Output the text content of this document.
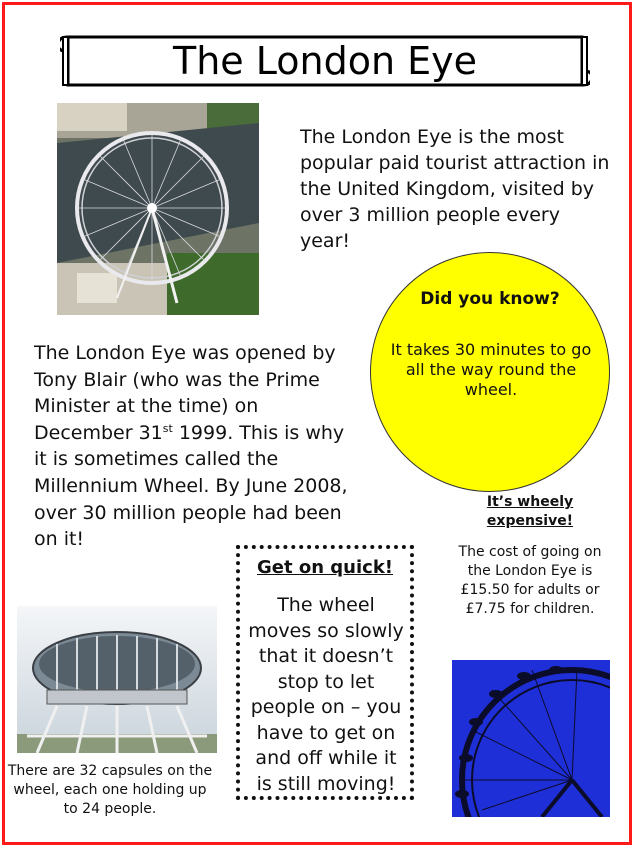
The London Eye

The London Eye is the most popular paid tourist attraction in the United Kingdom, visited by over 3 million people every year!

Did you know?
It takes 30 minutes to go all the way round the wheel.

The London Eye was opened by Tony Blair (who was the Prime Minister at the time) on December 31st 1999. This is why it is sometimes called the Millennium Wheel. By June 2008, over 30 million people had been on it!

It’s wheely expensive!
The cost of going on the London Eye is £15.50 for adults or £7.75 for children.
Get on quick!
The wheel moves so slowly that it doesn’t stop to let people on – you have to get on and off while it is still moving!

There are 32 capsules on the wheel, each one holding up to 24 people.
